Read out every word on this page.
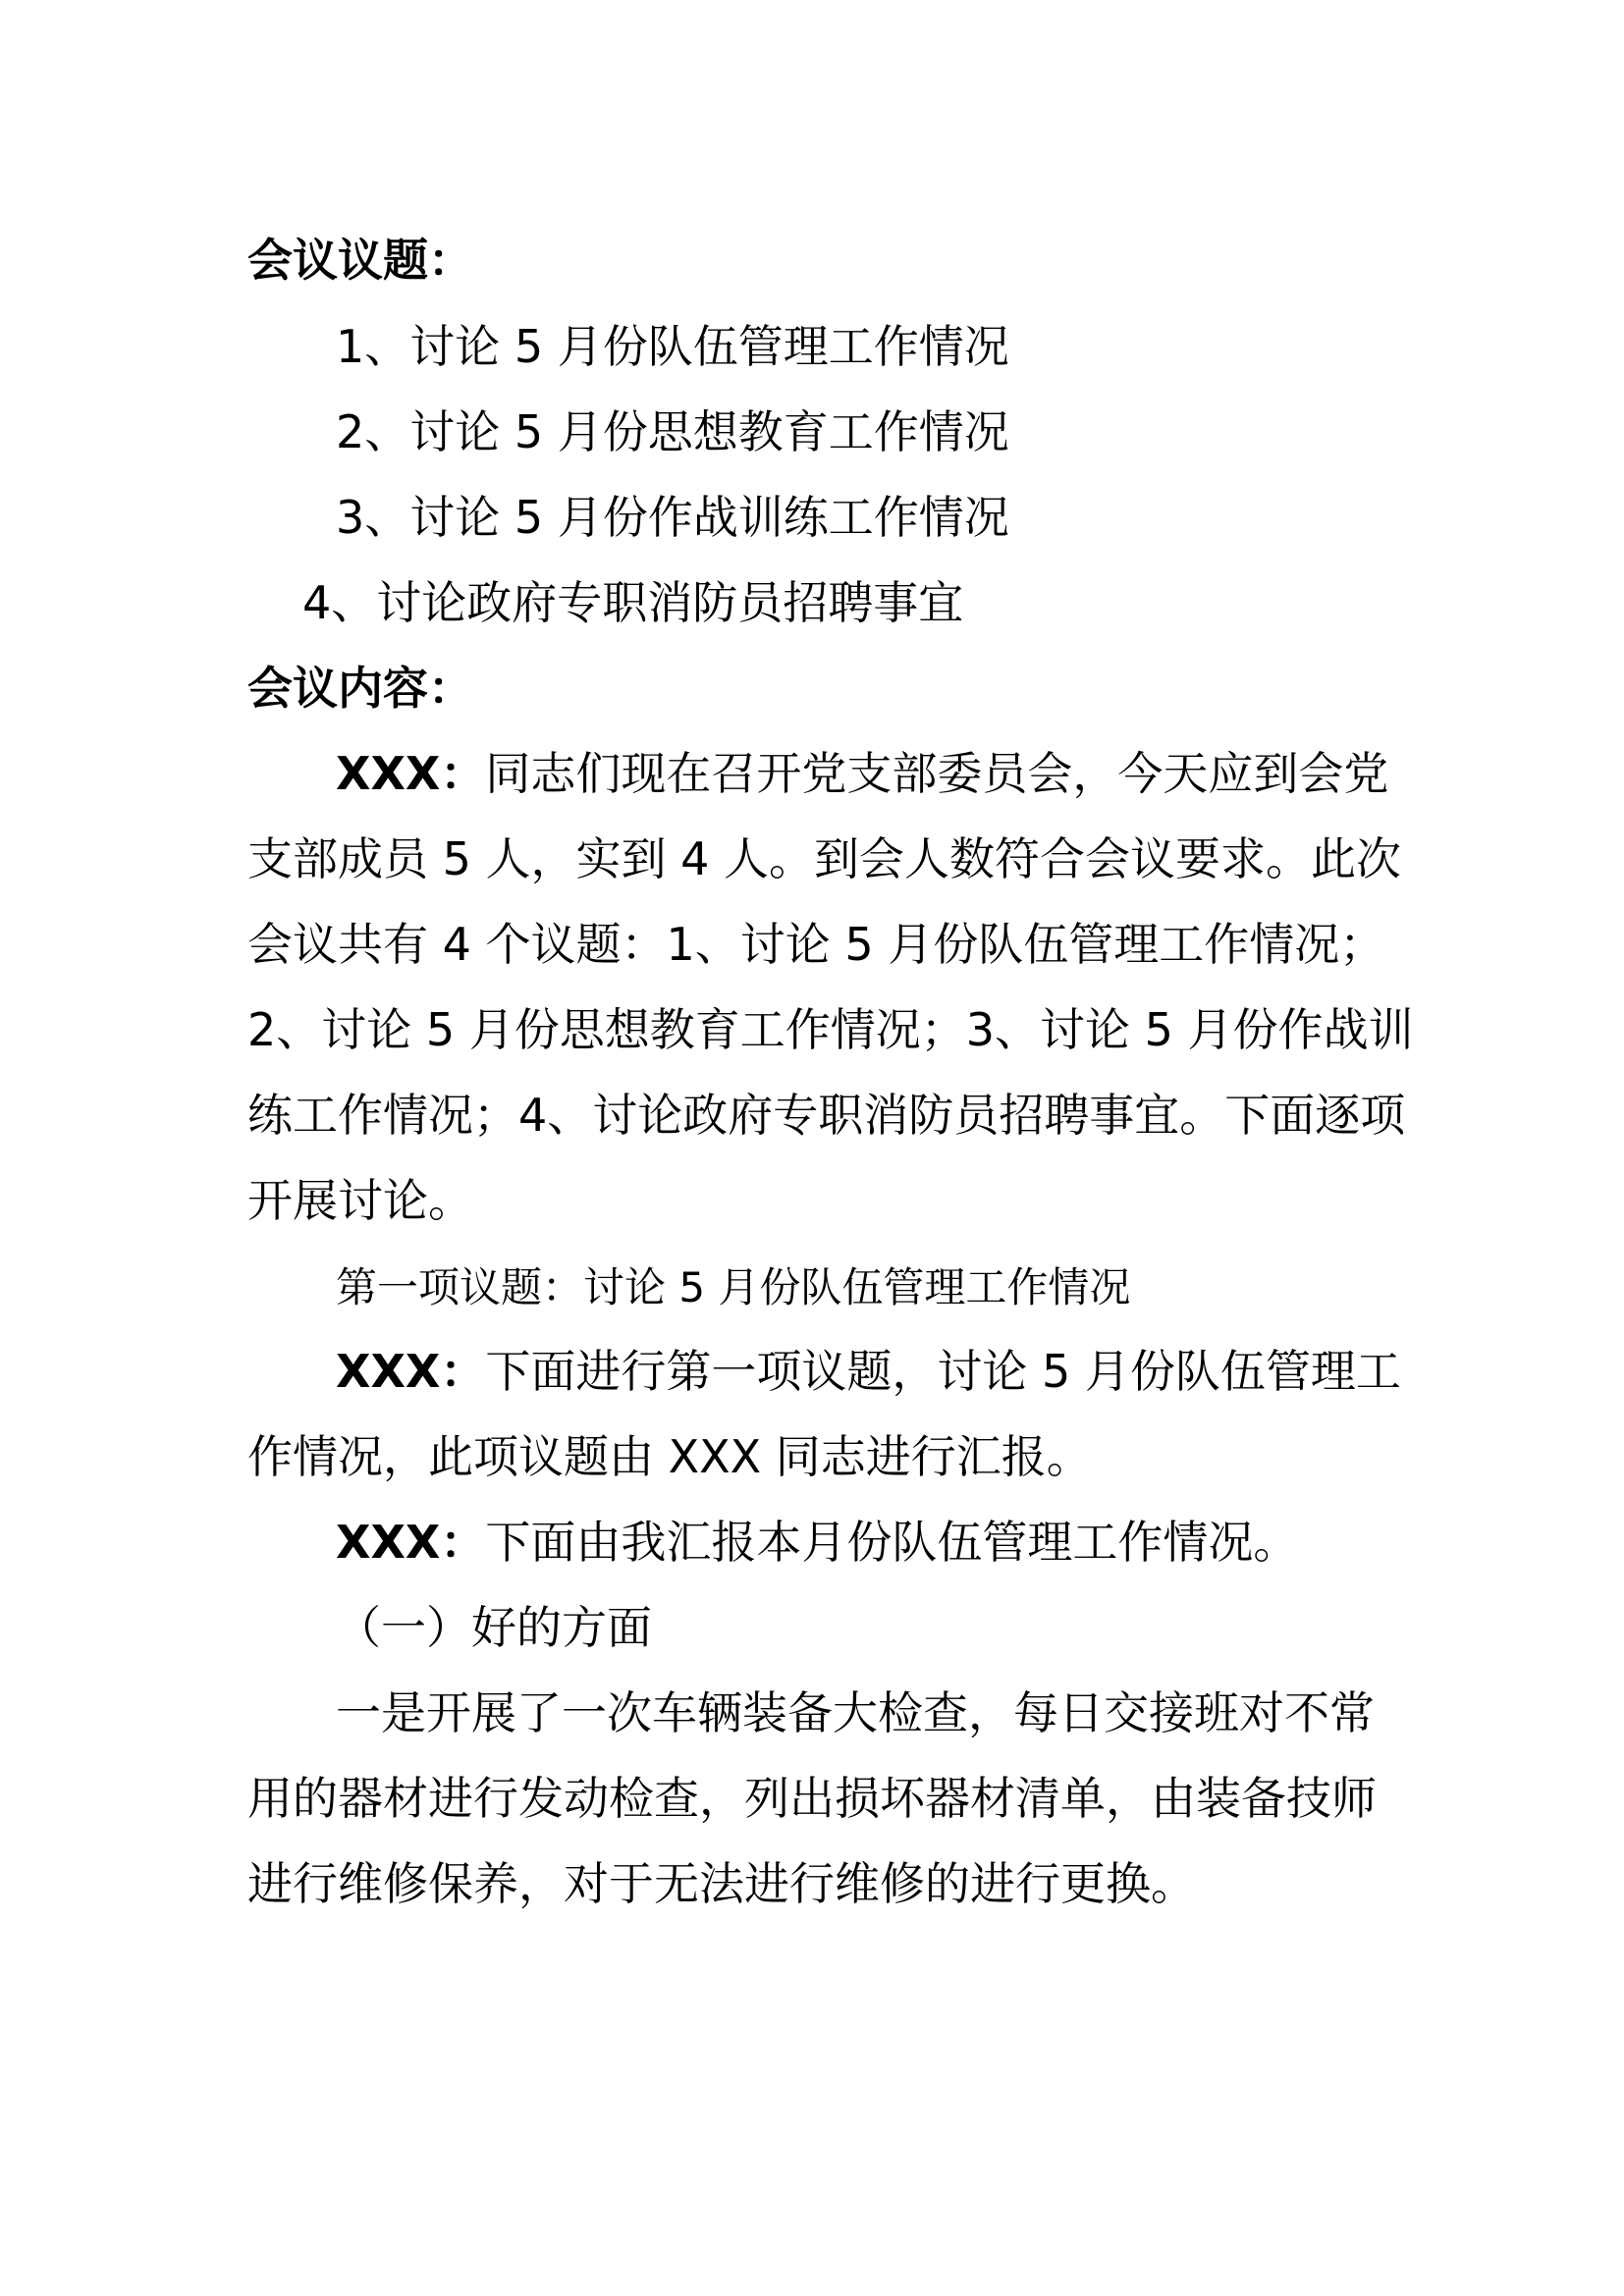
会议议题：
1、讨论 5 月份队伍管理工作情况
2、讨论 5 月份思想教育工作情况
3、讨论 5 月份作战训练工作情况
4、讨论政府专职消防员招聘事宜
会议内容：
XXX：同志们现在召开党支部委员会，今天应到会党
支部成员 5 人，实到 4 人。到会人数符合会议要求。此次
会议共有 4 个议题：1、讨论 5 月份队伍管理工作情况；
2、讨论 5 月份思想教育工作情况；3、讨论 5 月份作战训
练工作情况；4、讨论政府专职消防员招聘事宜。下面逐项
开展讨论。
第一项议题：讨论 5 月份队伍管理工作情况
XXX：下面进行第一项议题，讨论 5 月份队伍管理工
作情况，此项议题由 XXX 同志进行汇报。
XXX：下面由我汇报本月份队伍管理工作情况。
（一）好的方面
一是开展了一次车辆装备大检查，每日交接班对不常
用的器材进行发动检查，列出损坏器材清单，由装备技师
进行维修保养，对于无法进行维修的进行更换。
